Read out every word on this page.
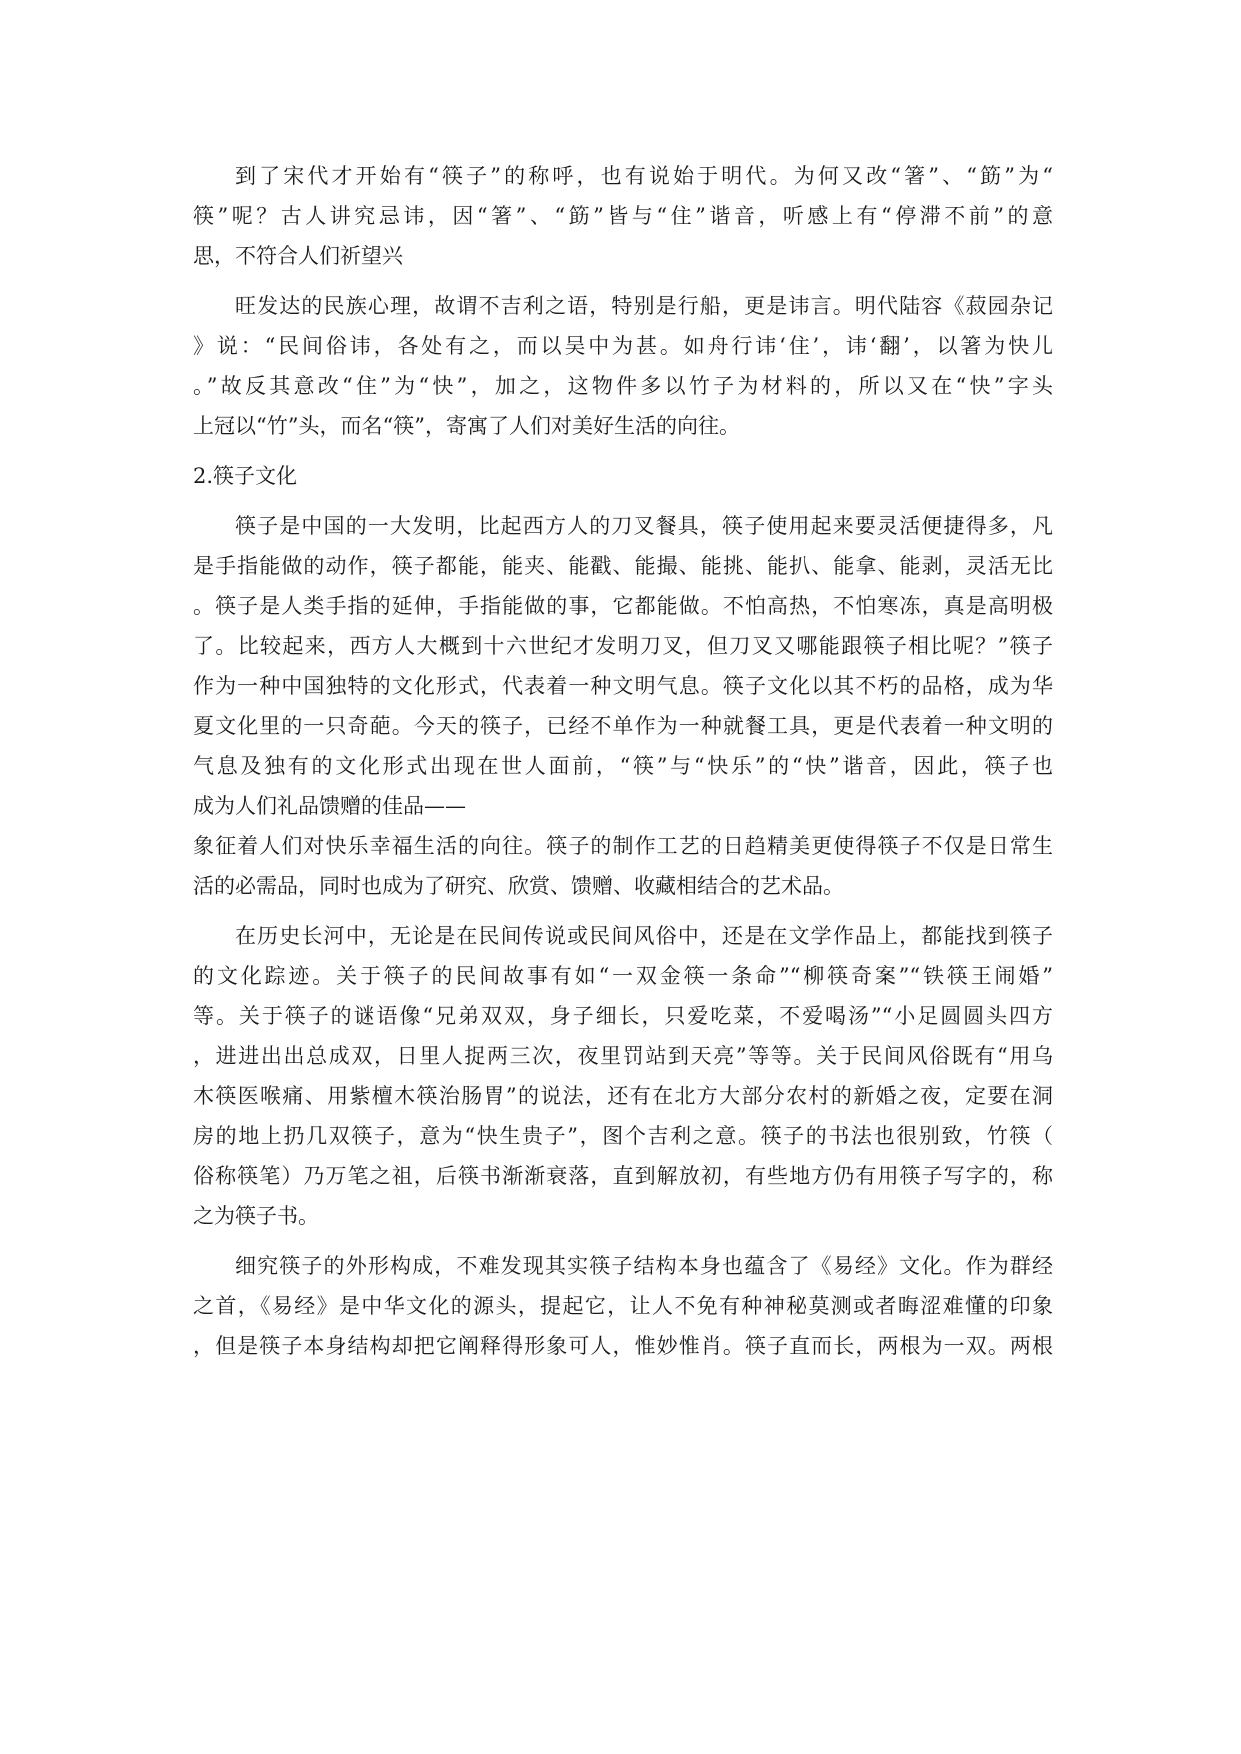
到了宋代才开始有“筷子”的称呼，也有说始于明代。为何又改“箸”、“筯”为“
筷”呢？古人讲究忌讳，因“箸”、“筯”皆与“住”谐音，听感上有“停滞不前”的意
思，不符合人们祈望兴
旺发达的民族心理，故谓不吉利之语，特别是行船，更是讳言。明代陆容《菽园杂记
》说：“民间俗讳，各处有之，而以吴中为甚。如舟行讳‘住’，讳‘翻’，以箸为快儿
。”故反其意改“住”为“快”，加之，这物件多以竹子为材料的，所以又在“快”字头
上冠以“竹”头，而名“筷”，寄寓了人们对美好生活的向往。
2.筷子文化
筷子是中国的一大发明，比起西方人的刀叉餐具，筷子使用起来要灵活便捷得多，凡
是手指能做的动作，筷子都能，能夹、能戳、能撮、能挑、能扒、能拿、能剥，灵活无比
。筷子是人类手指的延伸，手指能做的事，它都能做。不怕高热，不怕寒冻，真是高明极
了。比较起来，西方人大概到十六世纪才发明刀叉，但刀叉又哪能跟筷子相比呢？”筷子
作为一种中国独特的文化形式，代表着一种文明气息。筷子文化以其不朽的品格，成为华
夏文化里的一只奇葩。今天的筷子，已经不单作为一种就餐工具，更是代表着一种文明的
气息及独有的文化形式出现在世人面前，“筷”与“快乐”的“快”谐音，因此，筷子也
成为人们礼品馈赠的佳品——
象征着人们对快乐幸福生活的向往。筷子的制作工艺的日趋精美更使得筷子不仅是日常生
活的必需品，同时也成为了研究、欣赏、馈赠、收藏相结合的艺术品。
在历史长河中，无论是在民间传说或民间风俗中，还是在文学作品上，都能找到筷子
的文化踪迹。关于筷子的民间故事有如“一双金筷一条命”“柳筷奇案”“铁筷王闹婚”
等。关于筷子的谜语像“兄弟双双，身子细长，只爱吃菜，不爱喝汤”“小足圆圆头四方
，进进出出总成双，日里人捉两三次，夜里罚站到天亮”等等。关于民间风俗既有“用乌
木筷医喉痛、用紫檀木筷治肠胃”的说法，还有在北方大部分农村的新婚之夜，定要在洞
房的地上扔几双筷子，意为“快生贵子”，图个吉利之意。筷子的书法也很别致，竹筷（
俗称筷笔）乃万笔之祖，后筷书渐渐衰落，直到解放初，有些地方仍有用筷子写字的，称
之为筷子书。
细究筷子的外形构成，不难发现其实筷子结构本身也蕴含了《易经》文化。作为群经
之首，《易经》是中华文化的源头，提起它，让人不免有种神秘莫测或者晦涩难懂的印象
，但是筷子本身结构却把它阐释得形象可人，惟妙惟肖。筷子直而长，两根为一双。两根
